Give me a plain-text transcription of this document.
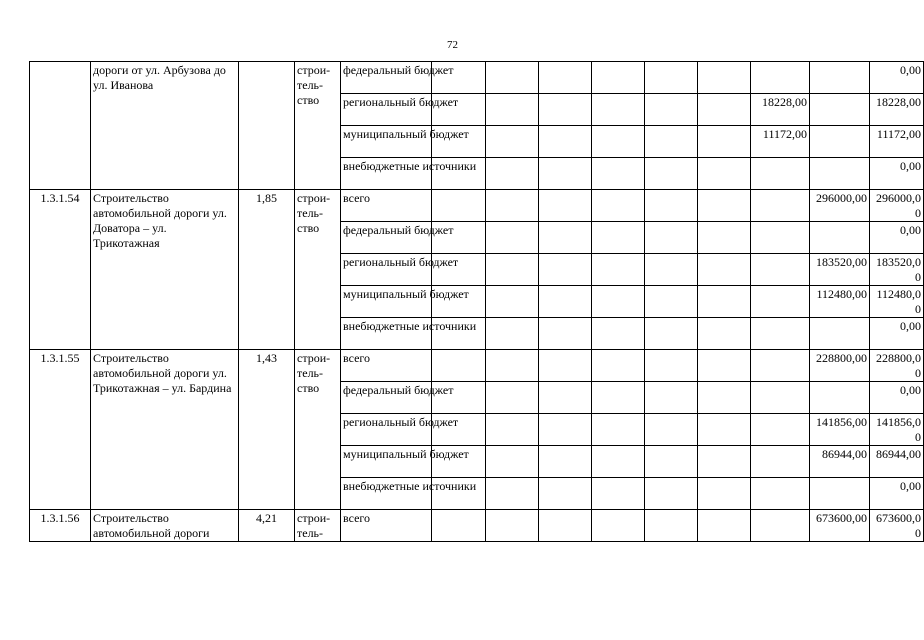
72
	дороги от ул. Арбузова до ул. Иванова		строи-тель-ство	федеральный бюджет									0,00
				региональный бюджет							18228,00		18228,00
				муниципальный бюджет							11172,00		11172,00
				внебюджетные источники									0,00
1.3.1.54	Строительство автомобильной дороги ул. Доватора – ул. Трикотажная	1,85	строи-тель-ство	всего								296000,00	296000,00
				федеральный бюджет									0,00
				региональный бюджет								183520,00	183520,00
				муниципальный бюджет								112480,00	112480,00
				внебюджетные источники									0,00
1.3.1.55	Строительство автомобильной дороги ул. Трикотажная – ул. Бардина	1,43	строи-тель-ство	всего								228800,00	228800,00
				федеральный бюджет									0,00
				региональный бюджет								141856,00	141856,00
				муниципальный бюджет								86944,00	86944,00
				внебюджетные источники									0,00
1.3.1.56	Строительство автомобильной дороги	4,21	строи-тель-	всего								673600,00	673600,00
